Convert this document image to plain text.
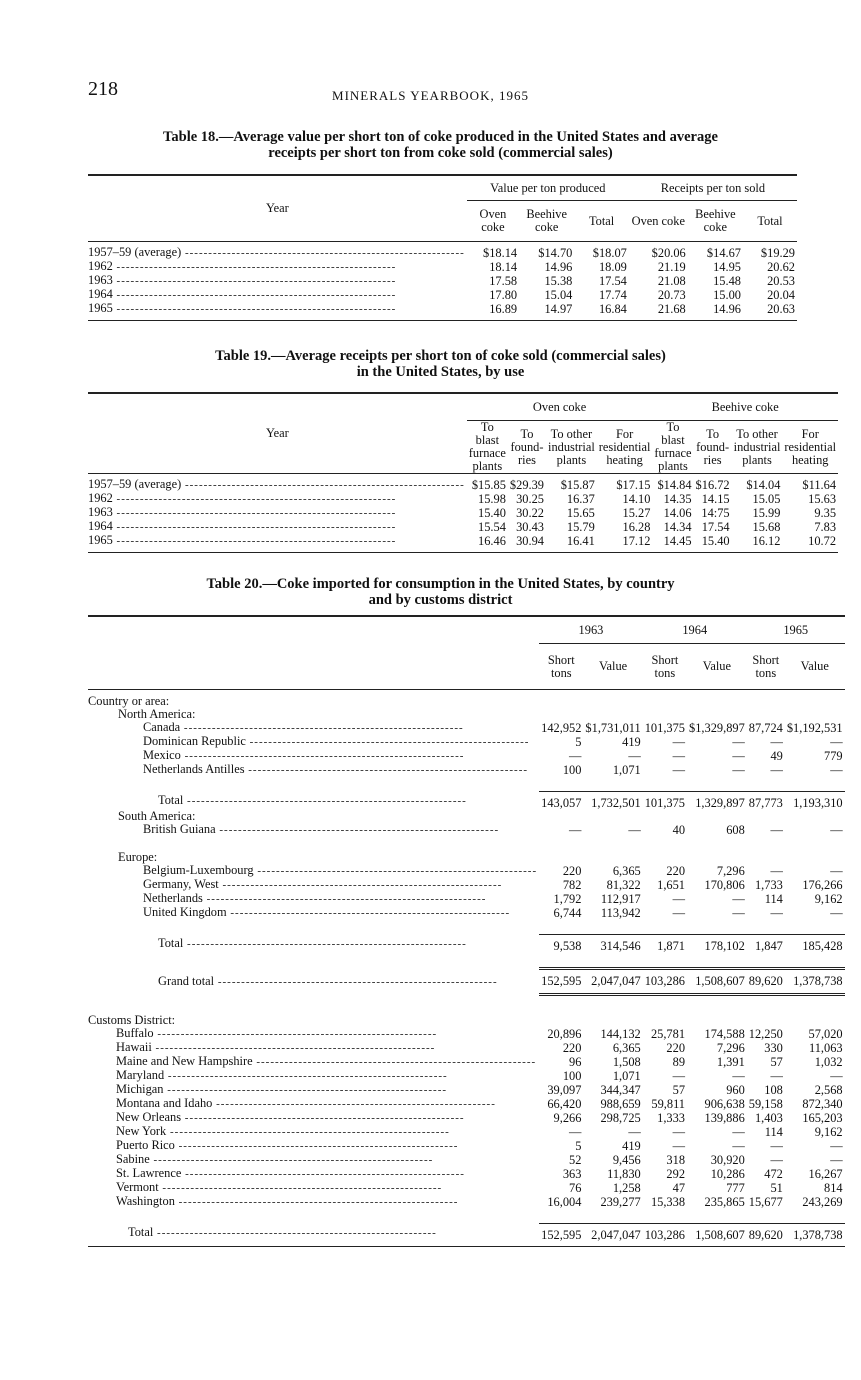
218	MINERALS YEARBOOK, 1965
Table 18.—Average value per short ton of coke produced in the United States and average
receipts per short ton from coke sold (commercial sales)
Year	Value per ton produced			Receipts per ton sold		
	Oven coke	Beehive coke	Total	Oven coke	Beehive coke	Total

1957–59 (average) -----	$18.14	$14.70	$18.07	$20.06	$14.67	$19.29
1962 -----	18.14	14.96	18.09	21.19	14.95	20.62
1963 -----	17.58	15.38	17.54	21.08	15.48	20.53
1964 -----	17.80	15.04	17.74	20.73	15.00	20.04
1965 -----	16.89	14.97	16.84	21.68	14.96	20.63

Table 19.—Average receipts per short ton of coke sold (commercial sales)
in the United States, by use
Year	Oven coke				Beehive coke			
	To blast furnace plants	To found-ries	To other industrial plants	For residential heating	To blast furnace plants	To found-ries	To other industrial plants	For residential heating

1957–59 (average) -----	$15.85	$29.39	$15.87	$17.15	$14.84	$16.72	$14.04	$11.64
1962 -----	15.98	30.25	16.37	14.10	14.35	14.15	15.05	15.63
1963 -----	15.40	30.22	15.65	15.27	14.06	14:75	15.99	9.35
1964 -----	15.54	30.43	15.79	16.28	14.34	17.54	15.68	7.83
1965 -----	16.46	30.94	16.41	17.12	14.45	15.40	16.12	10.72

Table 20.—Coke imported for consumption in the United States, by country
and by customs district
	1963		1964		1965	
	Short tons	Value	Short tons	Value	Short tons	Value

Country or area:						
North America:						
Canada -----	142,952	$1,731,011	101,375	$1,329,897	87,724	$1,192,531
Dominican Republic -----	5	419	—	—	—	—
Mexico -----	—	—	—	—	49	779
Netherlands Antilles -----	100	1,071	—	—	—	—

Total -----	143,057	1,732,501	101,375	1,329,897	87,773	1,193,310
South America:						
British Guiana -----	—	—	40	608	—	—

Europe:						
Belgium-Luxembourg -----	220	6,365	220	7,296	—	—
Germany, West -----	782	81,322	1,651	170,806	1,733	176,266
Netherlands -----	1,792	112,917	—	—	114	9,162
United Kingdom -----	6,744	113,942	—	—	—	—

Total -----	9,538	314,546	1,871	178,102	1,847	185,428

Grand total -----	152,595	2,047,047	103,286	1,508,607	89,620	1,378,738

Customs District:						
Buffalo -----	20,896	144,132	25,781	174,588	12,250	57,020
Hawaii -----	220	6,365	220	7,296	330	11,063
Maine and New Hampshire -----	96	1,508	89	1,391	57	1,032
Maryland -----	100	1,071	—	—	—	—
Michigan -----	39,097	344,347	57	960	108	2,568
Montana and Idaho -----	66,420	988,659	59,811	906,638	59,158	872,340
New Orleans -----	9,266	298,725	1,333	139,886	1,403	165,203
New York -----	—	—	—	—	114	9,162
Puerto Rico -----	5	419	—	—	—	—
Sabine -----	52	9,456	318	30,920	—	—
St. Lawrence -----	363	11,830	292	10,286	472	16,267
Vermont -----	76	1,258	47	777	51	814
Washington -----	16,004	239,277	15,338	235,865	15,677	243,269

Total -----	152,595	2,047,047	103,286	1,508,607	89,620	1,378,738
